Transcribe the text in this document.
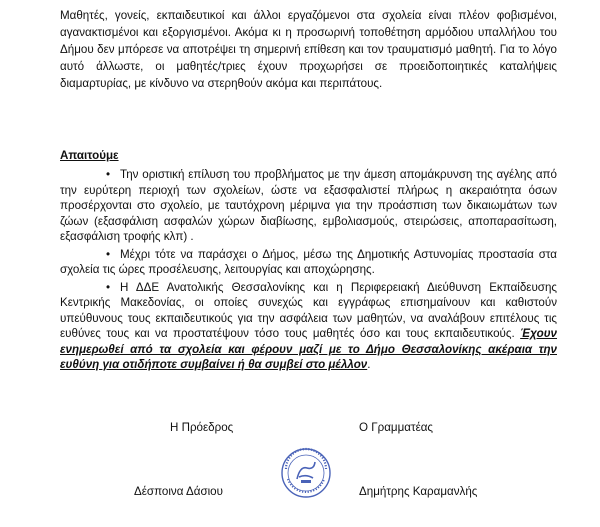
Μαθητές, γονείς, εκπαιδευτικοί και άλλοι εργαζόμενοι στα σχολεία είναι πλέον φοβισμένοι, αγανακτισμένοι και εξοργισμένοι. Ακόμα κι η προσωρινή τοποθέτηση αρμόδιου υπαλλήλου του Δήμου δεν μπόρεσε να αποτρέψει τη σημερινή επίθεση και τον τραυματισμό μαθητή. Για το λόγο αυτό άλλωστε, οι μαθητές/τριες έχουν προχωρήσει σε προειδοποιητικές καταλήψεις διαμαρτυρίας, με κίνδυνο να στερηθούν ακόμα και περιπάτους.

Απαιτούμε
• Την οριστική επίλυση του προβλήματος με την άμεση απομάκρυνση της αγέλης από την ευρύτερη περιοχή των σχολείων, ώστε να εξασφαλιστεί πλήρως η ακεραιότητα όσων προσέρχονται στο σχολείο, με ταυτόχρονη μέριμνα για την προάσπιση των δικαιωμάτων των ζώων (εξασφάλιση ασφαλών χώρων διαβίωσης, εμβολιασμούς, στειρώσεις, αποπαρασίτωση, εξασφάλιση τροφής κλπ) .
• Μέχρι τότε να παράσχει ο Δήμος, μέσω της Δημοτικής Αστυνομίας προστασία στα σχολεία τις ώρες προσέλευσης, λειτουργίας και αποχώρησης.
• Η ΔΔΕ Ανατολικής Θεσσαλονίκης και η Περιφερειακή Διεύθυνση Εκπαίδευσης Κεντρικής Μακεδονίας, οι οποίες συνεχώς και εγγράφως επισημαίνουν και καθιστούν υπεύθυνους τους εκπαιδευτικούς για την ασφάλεια των μαθητών, να αναλάβουν επιτέλους τις ευθύνες τους και να προστατέψουν τόσο τους μαθητές όσο και τους εκπαιδευτικούς. Έχουν ενημερωθεί από τα σχολεία και φέρουν μαζί με το Δήμο Θεσσαλονίκης ακέραια την ευθύνη για οτιδήποτε συμβαίνει ή θα συμβεί στο μέλλον.
Η Πρόεδρος	Ο Γραμματέας
Δέσποινα Δάσιου	Δημήτρης Καραμανλής
